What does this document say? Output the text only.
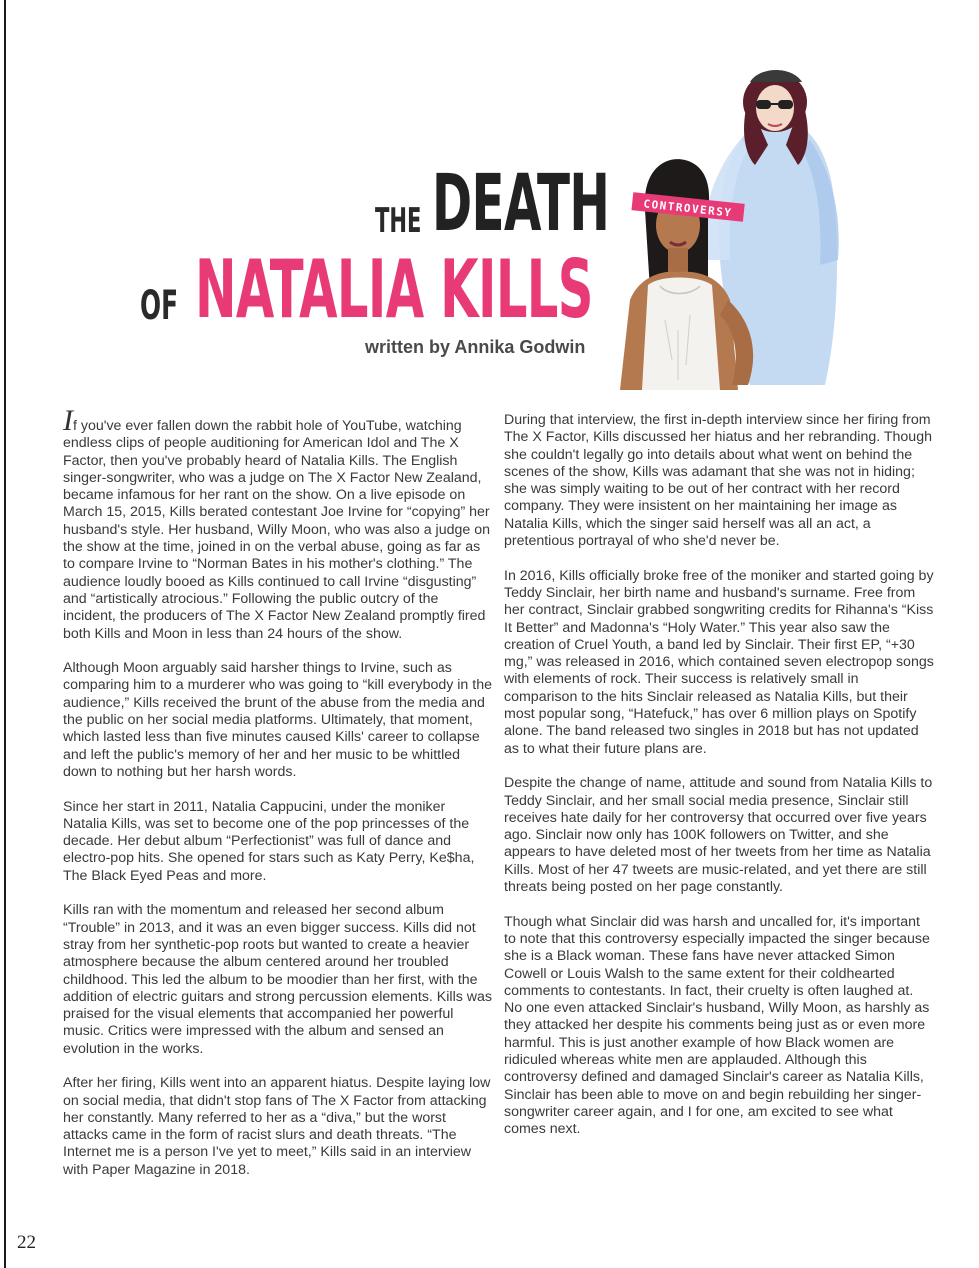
THE DEATH
OF NATALIA KILLS
written by Annika Godwin
CONTROVERSY

If you've ever fallen down the rabbit hole of YouTube, watching endless clips of people auditioning for American Idol and The X Factor, then you've probably heard of Natalia Kills. The English singer-songwriter, who was a judge on The X Factor New Zealand, became infamous for her rant on the show. On a live episode on March 15, 2015, Kills berated contestant Joe Irvine for “copying” her husband's style. Her husband, Willy Moon, who was also a judge on the show at the time, joined in on the verbal abuse, going as far as to compare Irvine to “Norman Bates in his mother's clothing.” The audience loudly booed as Kills continued to call Irvine “disgusting” and “artistically atrocious.” Following the public outcry of the incident, the producers of The X Factor New Zealand promptly fired both Kills and Moon in less than 24 hours of the show.

Although Moon arguably said harsher things to Irvine, such as comparing him to a murderer who was going to “kill everybody in the audience,” Kills received the brunt of the abuse from the media and the public on her social media platforms. Ultimately, that moment, which lasted less than five minutes caused Kills' career to collapse and left the public's memory of her and her music to be whittled down to nothing but her harsh words.

Since her start in 2011, Natalia Cappucini, under the moniker Natalia Kills, was set to become one of the pop princesses of the decade. Her debut album “Perfectionist” was full of dance and electro-pop hits. She opened for stars such as Katy Perry, Ke$ha, The Black Eyed Peas and more.

Kills ran with the momentum and released her second album “Trouble” in 2013, and it was an even bigger success. Kills did not stray from her synthetic-pop roots but wanted to create a heavier atmosphere because the album centered around her troubled childhood. This led the album to be moodier than her first, with the addition of electric guitars and strong percussion elements. Kills was praised for the visual elements that accompanied her powerful music. Critics were impressed with the album and sensed an evolution in the works.

After her firing, Kills went into an apparent hiatus. Despite laying low on social media, that didn't stop fans of The X Factor from attacking her constantly. Many referred to her as a “diva,” but the worst attacks came in the form of racist slurs and death threats. “The Internet me is a person I've yet to meet,” Kills said in an interview with Paper Magazine in 2018.

During that interview, the first in-depth interview since her firing from The X Factor, Kills discussed her hiatus and her rebranding. Though she couldn't legally go into details about what went on behind the scenes of the show, Kills was adamant that she was not in hiding; she was simply waiting to be out of her contract with her record company. They were insistent on her maintaining her image as Natalia Kills, which the singer said herself was all an act, a pretentious portrayal of who she'd never be.

In 2016, Kills officially broke free of the moniker and started going by Teddy Sinclair, her birth name and husband's surname. Free from her contract, Sinclair grabbed songwriting credits for Rihanna's “Kiss It Better” and Madonna's “Holy Water.” This year also saw the creation of Cruel Youth, a band led by Sinclair. Their first EP, “+30 mg,” was released in 2016, which contained seven electropop songs with elements of rock. Their success is relatively small in comparison to the hits Sinclair released as Natalia Kills, but their most popular song, “Hatefuck,” has over 6 million plays on Spotify alone. The band released two singles in 2018 but has not updated as to what their future plans are.

Despite the change of name, attitude and sound from Natalia Kills to Teddy Sinclair, and her small social media presence, Sinclair still receives hate daily for her controversy that occurred over five years ago. Sinclair now only has 100K followers on Twitter, and she appears to have deleted most of her tweets from her time as Natalia Kills. Most of her 47 tweets are music-related, and yet there are still threats being posted on her page constantly.

Though what Sinclair did was harsh and uncalled for, it's important to note that this controversy especially impacted the singer because she is a Black woman. These fans have never attacked Simon Cowell or Louis Walsh to the same extent for their coldhearted comments to contestants. In fact, their cruelty is often laughed at. No one even attacked Sinclair's husband, Willy Moon, as harshly as they attacked her despite his comments being just as or even more harmful. This is just another example of how Black women are ridiculed whereas white men are applauded. Although this controversy defined and damaged Sinclair's career as Natalia Kills, Sinclair has been able to move on and begin rebuilding her singer-songwriter career again, and I for one, am excited to see what comes next.

22
